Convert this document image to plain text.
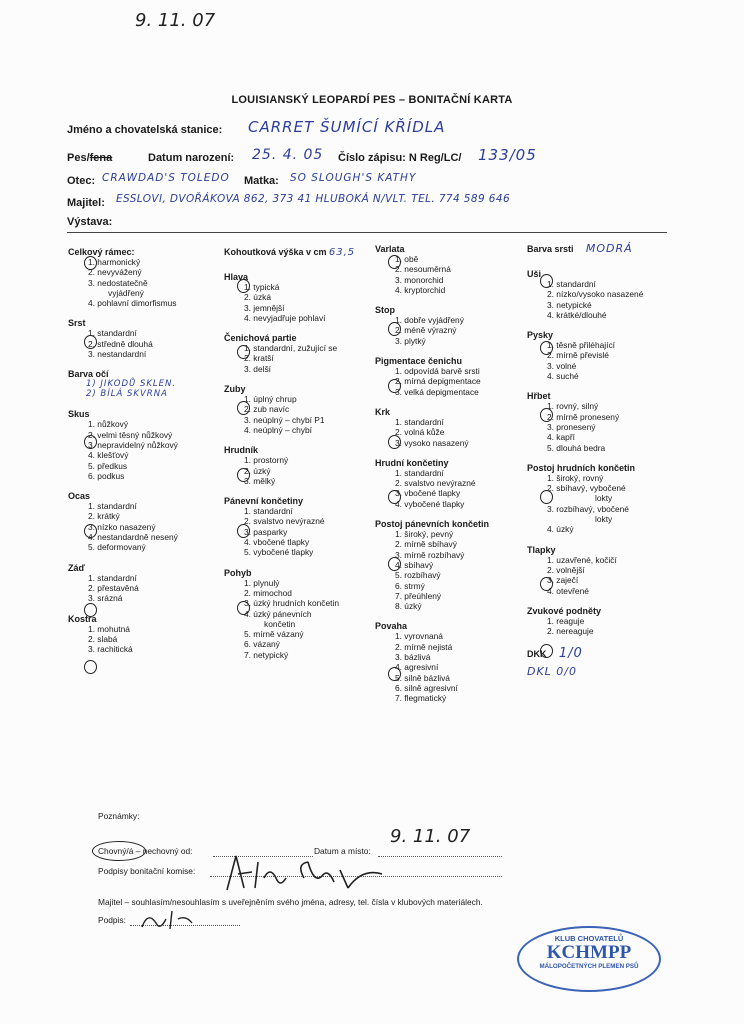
9. 11. 07
LOUISIANSKÝ LEOPARDÍ PES – BONITAČNÍ KARTA
Jméno a chovatelská stanice: CARRET ŠUMÍCÍ KŘÍDLA
Pes/fena	Datum narození: 25. 4. 05 Číslo zápisu: N Reg/LC/ 133/05
Otec: CRAWDAD'S TOLEDO Matka: SO SLOUGH'S KATHY
Majitel: ESSLOVI, DVOŘÁKOVA 862, 373 41 HLUBOKÁ N/VLT. TEL. 774 589 646
Výstava:
Celkový rámec:
1. harmonický
2. nevyvážený
3. nedostatečně
vyjádřený
4. pohlavní dimorfismus
Srst
1. standardní
2. středně dlouhá
3. nestandardní
Barva očí
1) JIKODŮ SKLEN.
2) BÍLÁ SKVRNA
Skus
1. nůžkový
2. velmi těsný nůžkový
3. nepravidelný nůžkový
4. klešťový
5. předkus
6. podkus
Ocas
1. standardní
2. krátký
3. nízko nasazený
4. nestandardně nesený
5. deformovaný
Záď
1. standardní
2. přestavěná
3. srázná
Kostra
1. mohutná
2. slabá
3. rachitická
Kohoutková výška v cm 63,5
Hlava
1. typická
2. úzká
3. jemnější
4. nevyjadřuje pohlaví
Čenichová partie
1. standardní, zužující se
2. kratší
3. delší
Zuby
1. úplný chrup
2. zub navíc
3. neúplný – chybí P1
4. neúplný – chybí
Hrudník
1. prostorný
2. úzký
3. mělký
Pánevní končetiny
1. standardní
2. svalstvo nevýrazné
3. pasparky
4. vbočené tlapky
5. vybočené tlapky
Pohyb
1. plynulý
2. mimochod
3. úzký hrudních končetin
4. úzký pánevních
končetin
5. mírně vázaný
6. vázaný
7. netypický
Varlata
1. obě
2. nesouměrná
3. monorchid
4. kryptorchid
Stop
1. dobře vyjádřený
2. méně výrazný
3. plytký
Pigmentace čenichu
1. odpovídá barvě srsti
2. mírná depigmentace
3. velká depigmentace
Krk
1. standardní
2. volná kůže
3. vysoko nasazený
Hrudní končetiny
1. standardní
2. svalstvo nevýrazné
3. vbočené tlapky
4. vybočené tlapky
Postoj pánevních končetin
1. široký, pevný
2. mírně sbíhavý
3. mírně rozbíhavý
4. sbíhavý
5. rozbíhavý
6. strmý
7. přeúhlený
8. úzký
Povaha
1. vyrovnaná
2. mírně nejistá
3. bázlivá
4. agresivní
5. silně bázlivá
6. silně agresivní
7. flegmatický
Barva srsti MODRÁ
Uši
1. standardní
2. nízko/vysoko nasazené
3. netypické
4. krátké/dlouhé
Pysky
1. těsně přiléhající
2. mírně převislé
3. volné
4. suché
Hřbet
1. rovný, silný
2. mírně pronesený
3. pronesený
4. kapří
5. dlouhá bedra
Postoj hrudních končetin
1. široký, rovný
2. sbíhavý, vybočené
lokty
3. rozbíhavý, vbočené
lokty
4. úzký
Tlapky
1. uzavřené, kočičí
2. volnější
3. zaječí
4. otevřené
Zvukové podněty
1. reaguje
2. nereaguje
DKK 1/0
DKL 0/0
Poznámky:
Chovný/á – nechovný od:	Datum a místo:
9. 11. 07
Podpisy bonitační komise:
Majitel – souhlasím/nesouhlasím s uveřejněním svého jména, adresy, tel. čísla v klubových materiálech.
Podpis:
KLUB CHOVATELŮ
KCHMPP
MÁLOPOČETNÝCH PLEMEN PSŮ
